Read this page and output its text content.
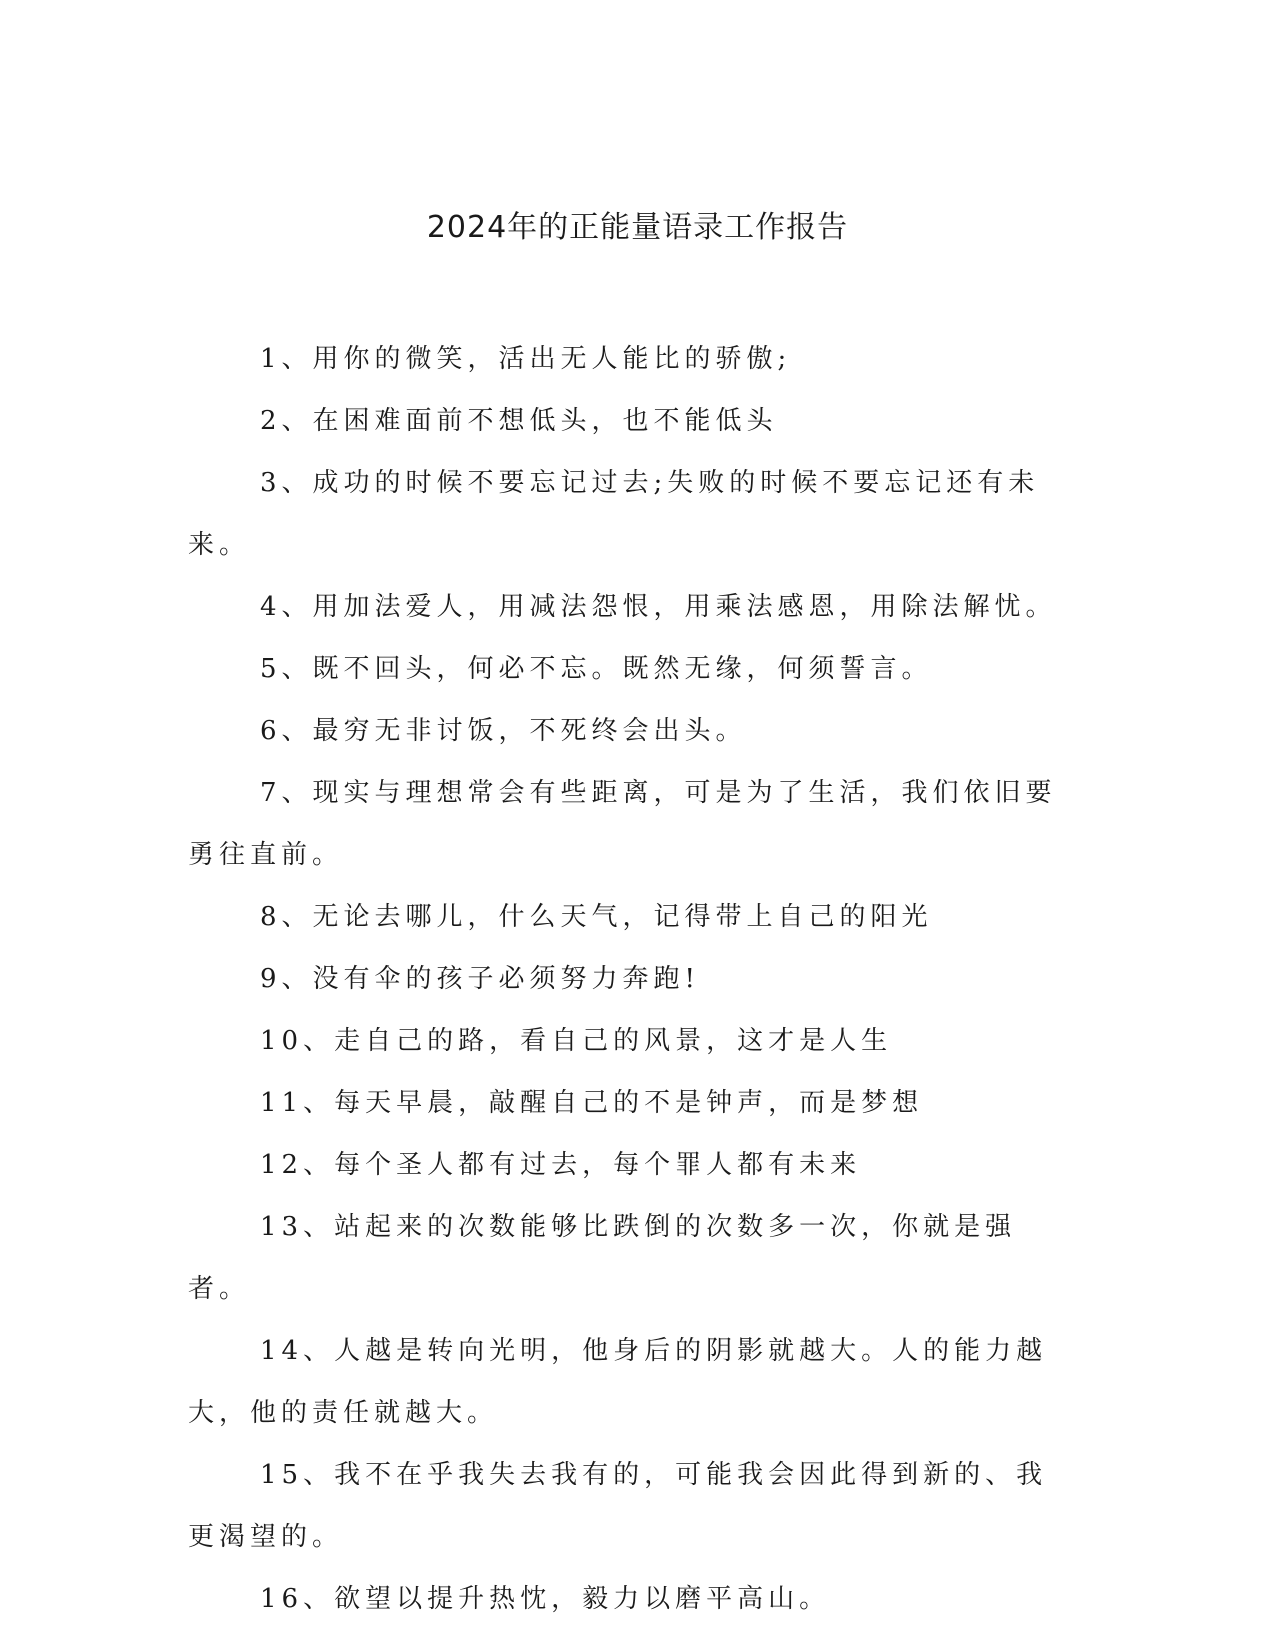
2024年的正能量语录工作报告
1、用你的微笑，活出无人能比的骄傲;
2、在困难面前不想低头，也不能低头
3、成功的时候不要忘记过去;失败的时候不要忘记还有未来。
4、用加法爱人，用减法怨恨，用乘法感恩，用除法解忧。
5、既不回头，何必不忘。既然无缘，何须誓言。
6、最穷无非讨饭，不死终会出头。
7、现实与理想常会有些距离，可是为了生活，我们依旧要勇往直前。
8、无论去哪儿，什么天气，记得带上自己的阳光
9、没有伞的孩子必须努力奔跑!
10、走自己的路，看自己的风景，这才是人生
11、每天早晨，敲醒自己的不是钟声，而是梦想
12、每个圣人都有过去，每个罪人都有未来
13、站起来的次数能够比跌倒的次数多一次，你就是强者。
14、人越是转向光明，他身后的阴影就越大。人的能力越大，他的责任就越大。
15、我不在乎我失去我有的，可能我会因此得到新的、我更渴望的。
16、欲望以提升热忱，毅力以磨平高山。
